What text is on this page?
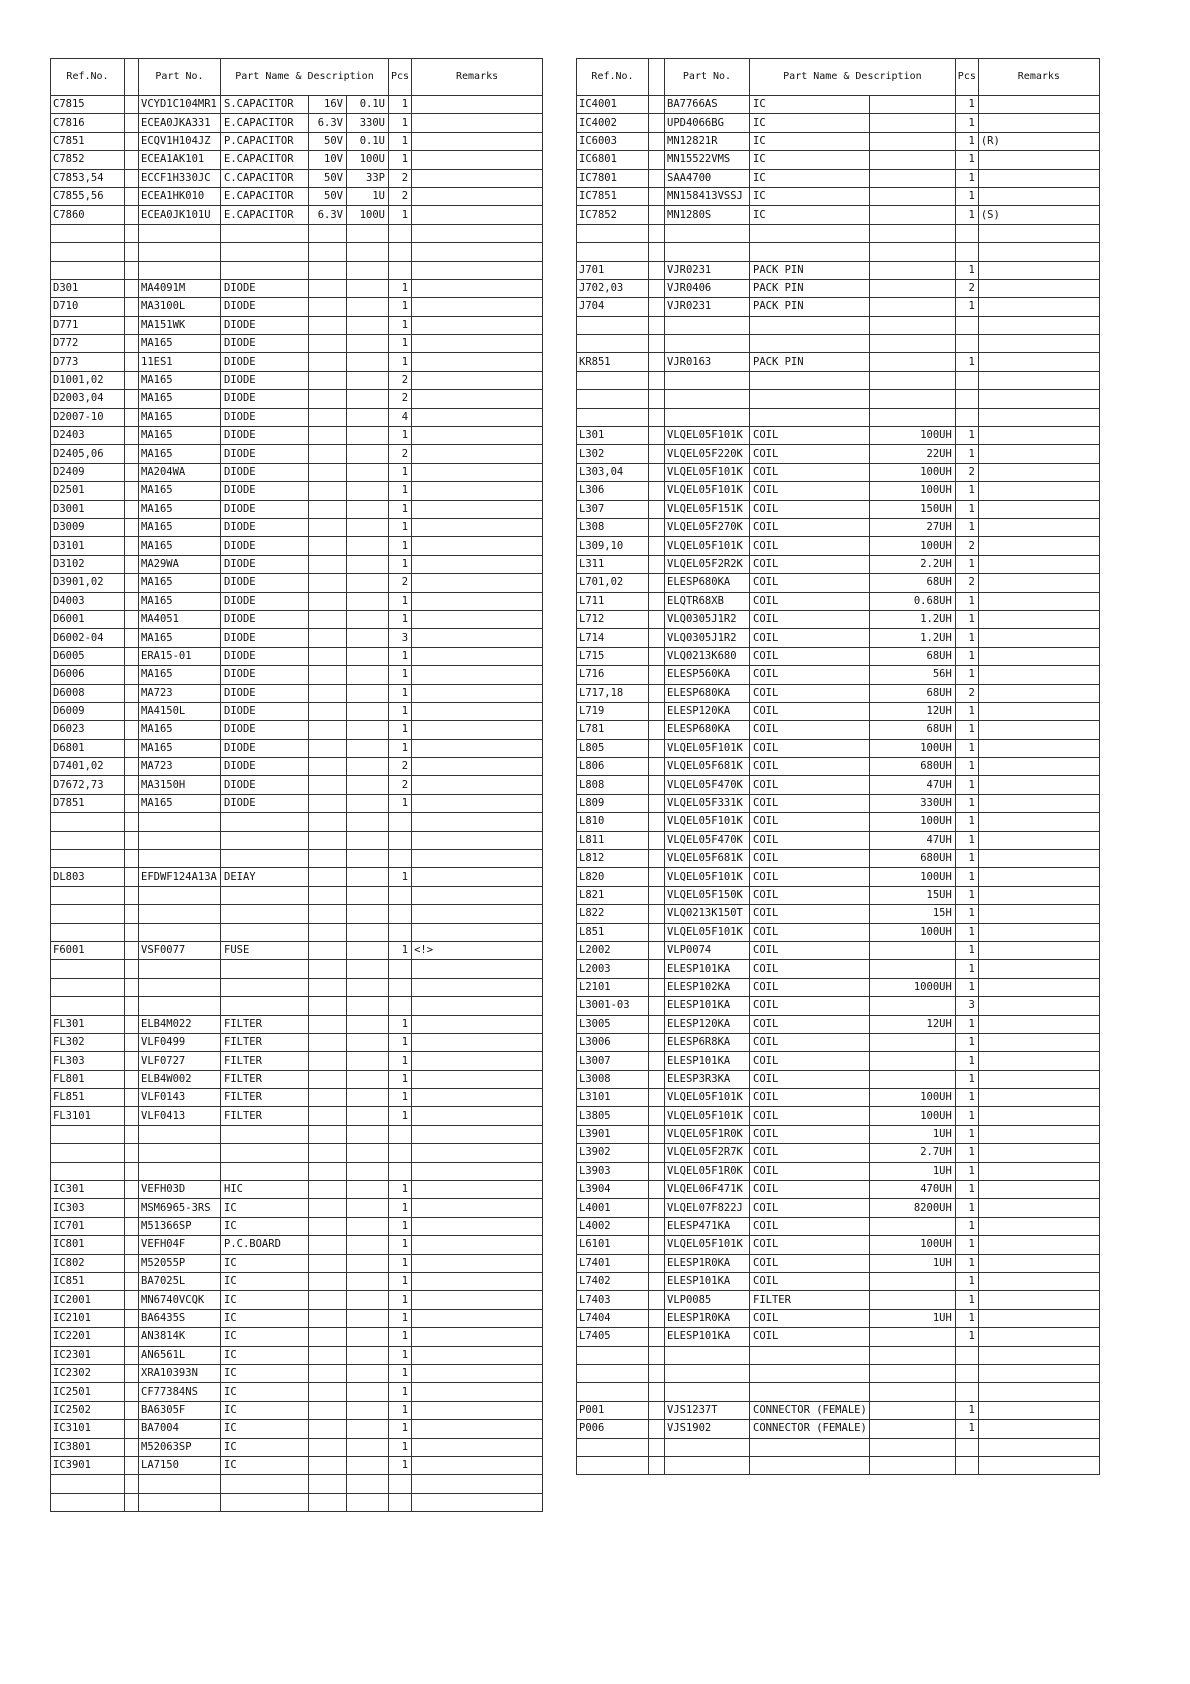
Ref.No.		Part No.	Part Name & Description			Pcs	Remarks
C7815		VCYD1C104MR1	S.CAPACITOR	16V	0.1U	1	
C7816		ECEA0JKA331	E.CAPACITOR	6.3V	330U	1	
C7851		ECQV1H104JZ	P.CAPACITOR	50V	0.1U	1	
C7852		ECEA1AK101	E.CAPACITOR	10V	100U	1	
C7853,54		ECCF1H330JC	C.CAPACITOR	50V	33P	2	
C7855,56		ECEA1HK010	E.CAPACITOR	50V	1U	2	
C7860		ECEA0JK101U	E.CAPACITOR	6.3V	100U	1	

D301		MA4091M	DIODE			1	
D710		MA3100L	DIODE			1	
D771		MA151WK	DIODE			1	
D772		MA165	DIODE			1	
D773		11ES1	DIODE			1	
D1001,02		MA165	DIODE			2	
D2003,04		MA165	DIODE			2	
D2007-10		MA165	DIODE			4	
D2403		MA165	DIODE			1	
D2405,06		MA165	DIODE			2	
D2409		MA204WA	DIODE			1	
D2501		MA165	DIODE			1	
D3001		MA165	DIODE			1	
D3009		MA165	DIODE			1	
D3101		MA165	DIODE			1	
D3102		MA29WA	DIODE			1	
D3901,02		MA165	DIODE			2	
D4003		MA165	DIODE			1	
D6001		MA4051	DIODE			1	
D6002-04		MA165	DIODE			3	
D6005		ERA15-01	DIODE			1	
D6006		MA165	DIODE			1	
D6008		MA723	DIODE			1	
D6009		MA4150L	DIODE			1	
D6023		MA165	DIODE			1	
D6801		MA165	DIODE			1	
D7401,02		MA723	DIODE			2	
D7672,73		MA3150H	DIODE			2	
D7851		MA165	DIODE			1	

DL803		EFDWF124A13A	DEIAY			1	

F6001		VSF0077	FUSE			1	<!>

FL301		ELB4M022	FILTER			1	
FL302		VLF0499	FILTER			1	
FL303		VLF0727	FILTER			1	
FL801		ELB4W002	FILTER			1	
FL851		VLF0143	FILTER			1	
FL3101		VLF0413	FILTER			1	

IC301		VEFH03D	HIC			1	
IC303		MSM6965-3RS	IC			1	
IC701		M51366SP	IC			1	
IC801		VEFH04F	P.C.BOARD			1	
IC802		M52055P	IC			1	
IC851		BA7025L	IC			1	
IC2001		MN6740VCQK	IC			1	
IC2101		BA6435S	IC			1	
IC2201		AN3814K	IC			1	
IC2301		AN6561L	IC			1	
IC2302		XRA10393N	IC			1	
IC2501		CF77384NS	IC			1	
IC2502		BA6305F	IC			1	
IC3101		BA7004	IC			1	
IC3801		M52063SP	IC			1	
IC3901		LA7150	IC			1	

Ref.No.		Part No.	Part Name & Description		Pcs	Remarks
IC4001		BA7766AS	IC		1	
IC4002		UPD4066BG	IC		1	
IC6003		MN12821R	IC		1	(R)
IC6801		MN15522VMS	IC		1	
IC7801		SAA4700	IC		1	
IC7851		MN158413VSSJ	IC		1	
IC7852		MN1280S	IC		1	(S)

J701		VJR0231	PACK PIN		1	
J702,03		VJR0406	PACK PIN		2	
J704		VJR0231	PACK PIN		1	

KR851		VJR0163	PACK PIN		1	

L301		VLQEL05F101K	COIL	100UH	1	
L302		VLQEL05F220K	COIL	22UH	1	
L303,04		VLQEL05F101K	COIL	100UH	2	
L306		VLQEL05F101K	COIL	100UH	1	
L307		VLQEL05F151K	COIL	150UH	1	
L308		VLQEL05F270K	COIL	27UH	1	
L309,10		VLQEL05F101K	COIL	100UH	2	
L311		VLQEL05F2R2K	COIL	2.2UH	1	
L701,02		ELESP680KA	COIL	68UH	2	
L711		ELQTR68XB	COIL	0.68UH	1	
L712		VLQ0305J1R2	COIL	1.2UH	1	
L714		VLQ0305J1R2	COIL	1.2UH	1	
L715		VLQ0213K680	COIL	68UH	1	
L716		ELESP560KA	COIL	56H	1	
L717,18		ELESP680KA	COIL	68UH	2	
L719		ELESP120KA	COIL	12UH	1	
L781		ELESP680KA	COIL	68UH	1	
L805		VLQEL05F101K	COIL	100UH	1	
L806		VLQEL05F681K	COIL	680UH	1	
L808		VLQEL05F470K	COIL	47UH	1	
L809		VLQEL05F331K	COIL	330UH	1	
L810		VLQEL05F101K	COIL	100UH	1	
L811		VLQEL05F470K	COIL	47UH	1	
L812		VLQEL05F681K	COIL	680UH	1	
L820		VLQEL05F101K	COIL	100UH	1	
L821		VLQEL05F150K	COIL	15UH	1	
L822		VLQ0213K150T	COIL	15H	1	
L851		VLQEL05F101K	COIL	100UH	1	
L2002		VLP0074	COIL		1	
L2003		ELESP101KA	COIL		1	
L2101		ELESP102KA	COIL	1000UH	1	
L3001-03		ELESP101KA	COIL		3	
L3005		ELESP120KA	COIL	12UH	1	
L3006		ELESP6R8KA	COIL		1	
L3007		ELESP101KA	COIL		1	
L3008		ELESP3R3KA	COIL		1	
L3101		VLQEL05F101K	COIL	100UH	1	
L3805		VLQEL05F101K	COIL	100UH	1	
L3901		VLQEL05F1R0K	COIL	1UH	1	
L3902		VLQEL05F2R7K	COIL	2.7UH	1	
L3903		VLQEL05F1R0K	COIL	1UH	1	
L3904		VLQEL06F471K	COIL	470UH	1	
L4001		VLQEL07F822J	COIL	8200UH	1	
L4002		ELESP471KA	COIL		1	
L6101		VLQEL05F101K	COIL	100UH	1	
L7401		ELESP1R0KA	COIL	1UH	1	
L7402		ELESP101KA	COIL		1	
L7403		VLP0085	FILTER		1	
L7404		ELESP1R0KA	COIL	1UH	1	
L7405		ELESP101KA	COIL		1	

P001		VJS1237T	CONNECTOR (FEMALE)		1	
P006		VJS1902	CONNECTOR (FEMALE)		1	
